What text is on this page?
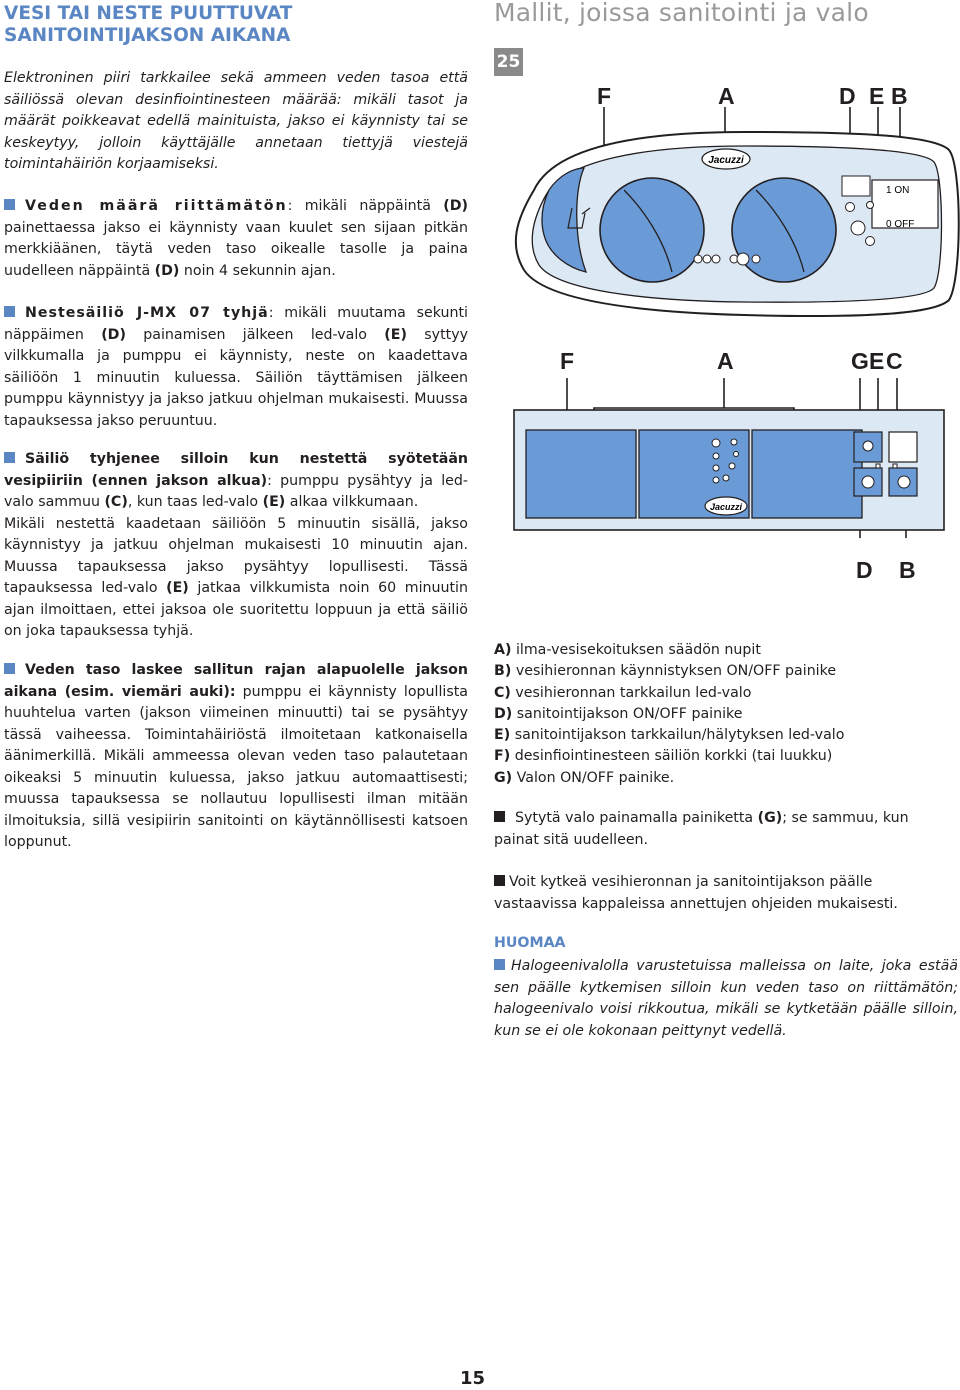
VESI TAI NESTE PUUTTUVAT SANITOINTIJAKSON AIKANA
Elektroninen piiri tarkkailee sekä ammeen veden tasoa että säiliössä olevan desinfiointinesteen määrää: mikäli tasot ja määrät poikkeavat edellä mainituista, jakso ei käynnisty tai se keskeytyy, jolloin käyttäjälle annetaan tiettyjä viestejä toimintahäiriön korjaamiseksi.
Veden määrä riittämätön: mikäli näppäintä (D) painettaessa jakso ei käynnisty vaan kuulet sen sijaan pitkän merkkiäänen, täytä veden taso oikealle tasolle ja paina uudelleen näppäintä (D) noin 4 sekunnin ajan.
Nestesäiliö J-MX 07 tyhjä: mikäli muutama sekunti näppäimen (D) painamisen jälkeen led-valo (E) syttyy vilkkumalla ja pumppu ei käynnisty, neste on kaadettava säiliöön 1 minuutin kuluessa. Säiliön täyttämisen jälkeen pumppu käynnistyy ja jakso jatkuu ohjelman mukaisesti. Muussa tapauksessa jakso peruuntuu.
Säiliö tyhjenee silloin kun nestettä syötetään vesipiiriin (ennen jakson alkua): pumppu pysähtyy ja led-valo sammuu (C), kun taas led-valo (E) alkaa vilkkumaan.
Mikäli nestettä kaadetaan säiliöön 5 minuutin sisällä, jakso käynnistyy ja jatkuu ohjelman mukaisesti 10 minuutin ajan. Muussa tapauksessa jakso pysähtyy lopullisesti. Tässä tapauksessa led-valo (E) jatkaa vilkkumista noin 60 minuutin ajan ilmoittaen, ettei jaksoa ole suoritettu loppuun ja että säiliö on joka tapauksessa tyhjä.
Veden taso laskee sallitun rajan alapuolelle jakson aikana (esim. viemäri auki): pumppu ei käynnisty lopullista huuhtelua varten (jakson viimeinen minuutti) tai se pysähtyy tässä vaiheessa. Toimintahäiriöstä ilmoitetaan katkonaisella äänimerkillä. Mikäli ammeessa olevan veden taso palautetaan oikeaksi 5 minuutin kuluessa, jakso jatkuu automaattisesti; muussa tapauksessa se nollautuu lopullisesti ilman mitään ilmoituksia, sillä vesipiirin sanitointi on käytännöllisesti katsoen loppunut.
Mallit, joissa sanitointi ja valo
25
F	A	D E B
Jacuzzi
1 ON
0 OFF
F	A	G E C
D B
Jacuzzi
A) ilma-vesisekoituksen säädön nupit
B) vesihieronnan käynnistyksen ON/OFF painike
C) vesihieronnan tarkkailun led-valo
D) sanitointijakson ON/OFF painike
E) sanitointijakson tarkkailun/hälytyksen led-valo
F) desinfiointinesteen säiliön korkki (tai luukku)
G) Valon ON/OFF painike.
Sytytä valo painamalla painiketta (G); se sammuu, kun painat sitä uudelleen.
Voit kytkeä vesihieronnan ja sanitointijakson päälle vastaavissa kappaleissa annettujen ohjeiden mukaisesti.
HUOMAA
Halogeenivalolla varustetuissa malleissa on laite, joka estää sen päälle kytkemisen silloin kun veden taso on riittämätön; halogeenivalo voisi rikkoutua, mikäli se kytketään päälle silloin, kun se ei ole kokonaan peittynyt vedellä.
15
